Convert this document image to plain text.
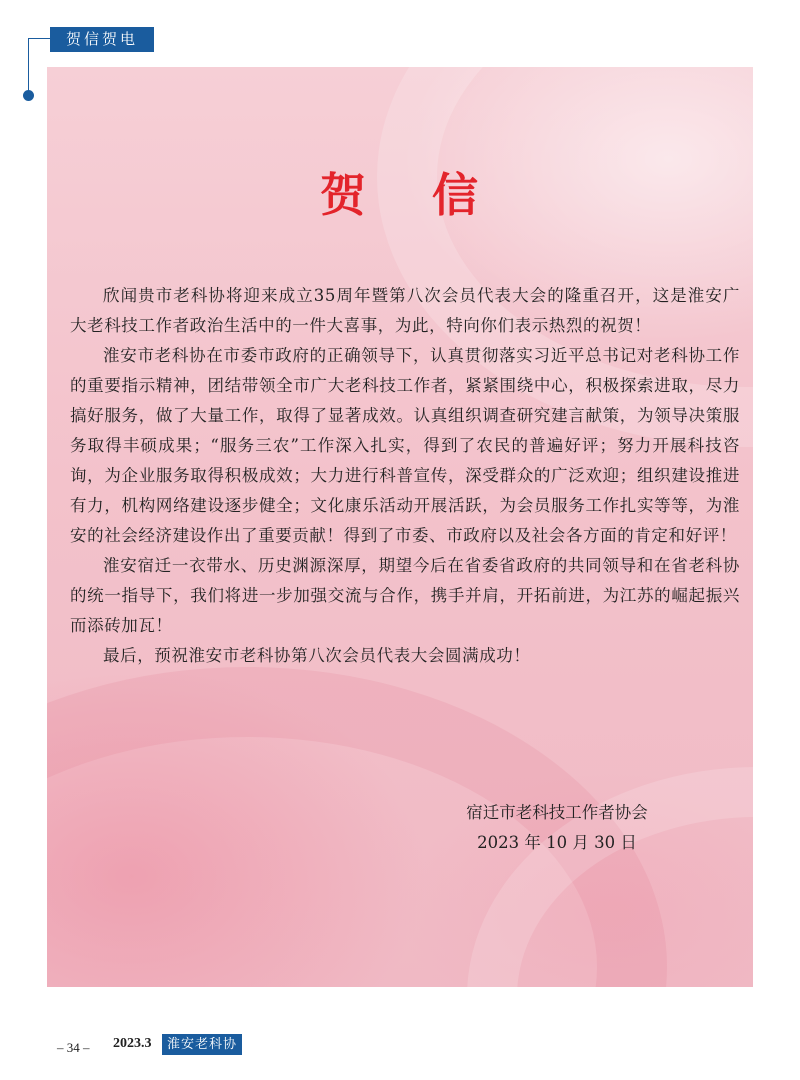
贺信贺电
贺 信

欣闻贵市老科协将迎来成立35周年暨第八次会员代表大会的隆重召开，这是淮安广大老科技工作者政治生活中的一件大喜事，为此，特向你们表示热烈的祝贺！

淮安市老科协在市委市政府的正确领导下，认真贯彻落实习近平总书记对老科协工作的重要指示精神，团结带领全市广大老科技工作者，紧紧围绕中心，积极探索进取，尽力搞好服务，做了大量工作，取得了显著成效。认真组织调查研究建言献策，为领导决策服务取得丰硕成果；“服务三农”工作深入扎实，得到了农民的普遍好评；努力开展科技咨询，为企业服务取得积极成效；大力进行科普宣传，深受群众的广泛欢迎；组织建设推进有力，机构网络建设逐步健全；文化康乐活动开展活跃，为会员服务工作扎实等等，为淮安的社会经济建设作出了重要贡献！得到了市委、市政府以及社会各方面的肯定和好评！

淮安宿迁一衣带水、历史渊源深厚，期望今后在省委省政府的共同领导和在省老科协的统一指导下，我们将进一步加强交流与合作，携手并肩，开拓前进，为江苏的崛起振兴而添砖加瓦！

最后，预祝淮安市老科协第八次会员代表大会圆满成功！

宿迁市老科技工作者协会
2023 年 10 月 30 日
– 34 – 2023.3	淮安老科协
